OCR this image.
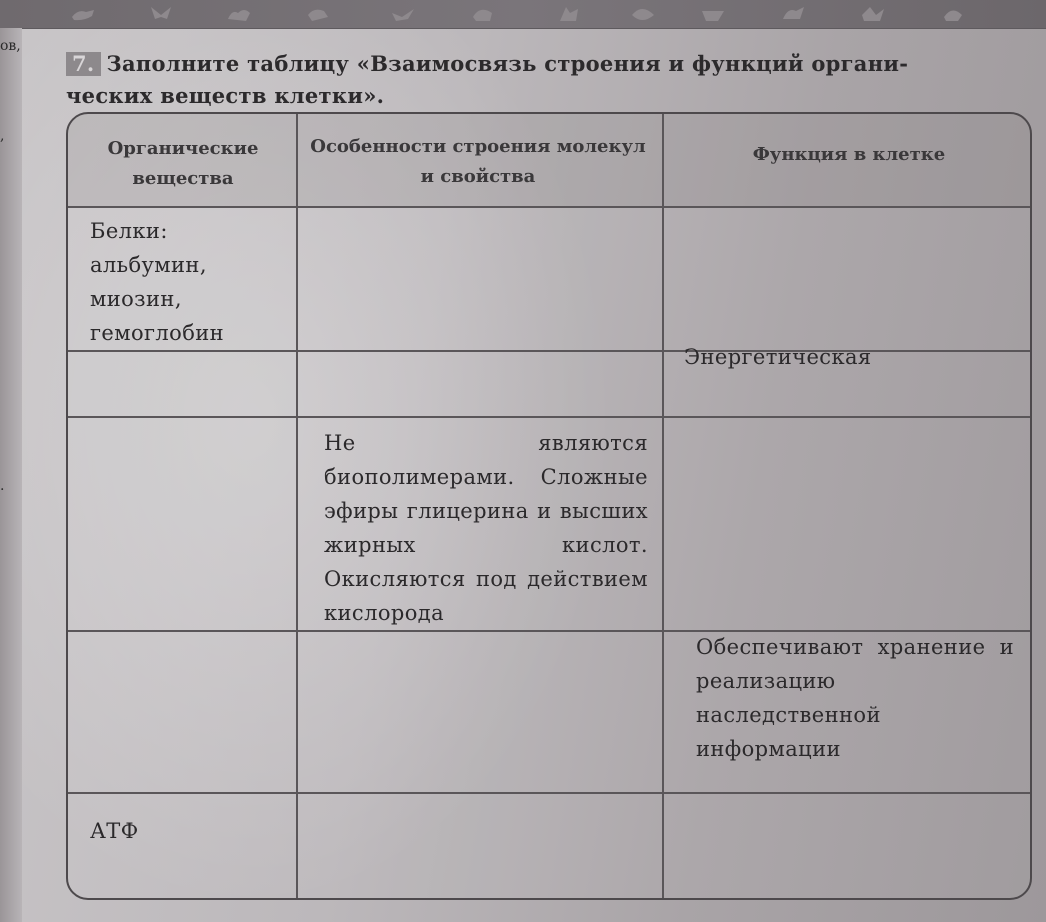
ов,
,
.
7. Заполните таблицу «Взаимосвязь строения и функций органи-
ческих веществ клетки».
Органические вещества
Особенности строения молекул и свойства
Функция в клетке
Белки: альбумин, миозин, гемоглобин
Энергетическая
Не являются биополимерами. Сложные эфиры глицерина и высших жирных кислот. Окисляются под действием кислорода
Обеспечивают хранение и реализацию наследственной информации
АТФ
